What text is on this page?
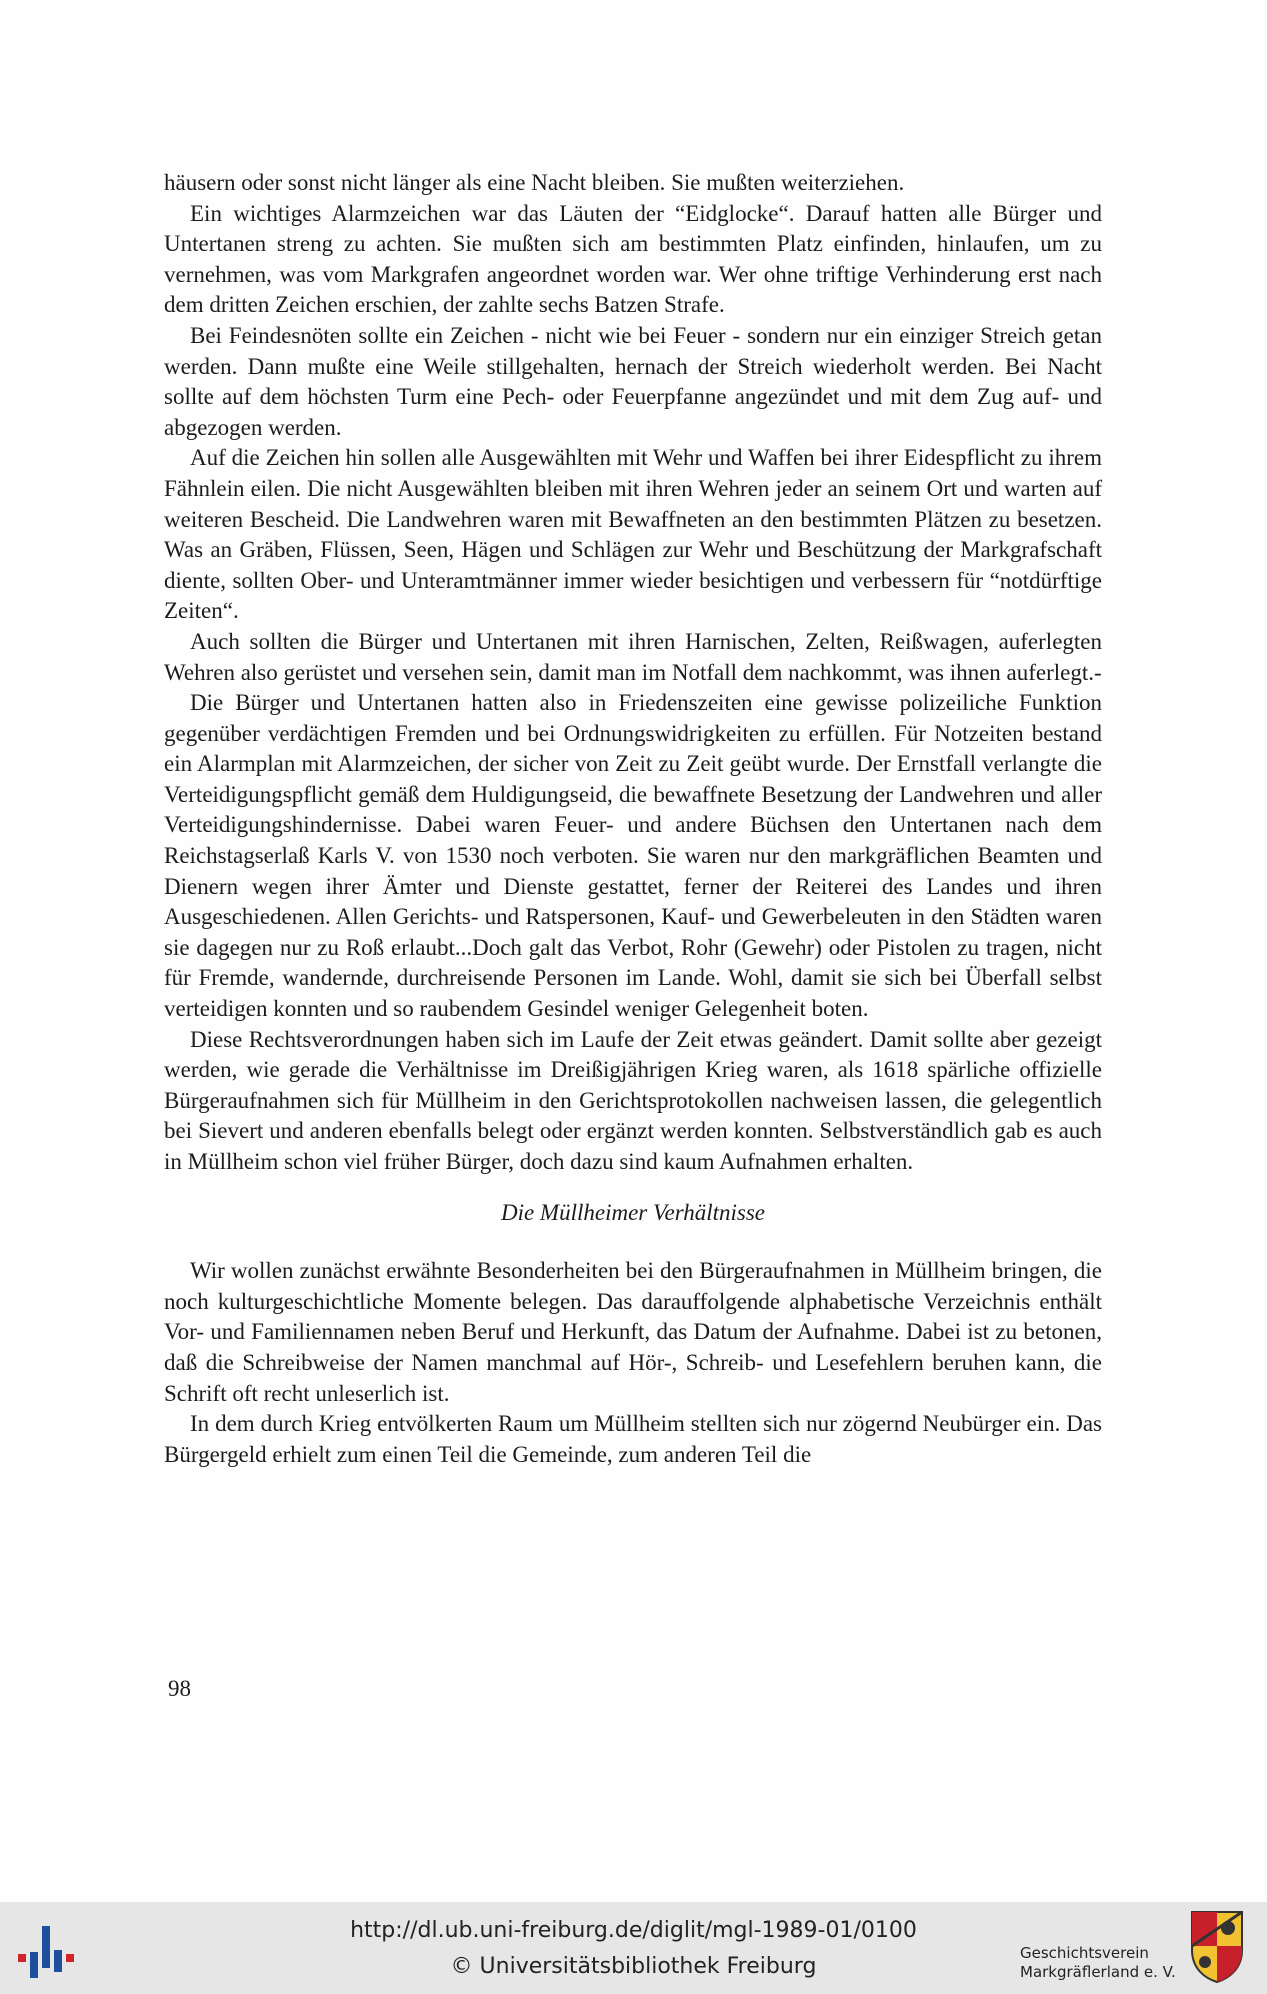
häusern oder sonst nicht länger als eine Nacht bleiben. Sie mußten weiterziehen.

Ein wichtiges Alarmzeichen war das Läuten der “Eidglocke“. Darauf hatten alle Bürger und Untertanen streng zu achten. Sie mußten sich am bestimmten Platz einfinden, hinlaufen, um zu vernehmen, was vom Markgrafen angeordnet worden war. Wer ohne triftige Verhinderung erst nach dem dritten Zeichen erschien, der zahlte sechs Batzen Strafe.

Bei Feindesnöten sollte ein Zeichen - nicht wie bei Feuer - sondern nur ein einziger Streich getan werden. Dann mußte eine Weile stillgehalten, hernach der Streich wiederholt werden. Bei Nacht sollte auf dem höchsten Turm eine Pech- oder Feuerpfanne angezündet und mit dem Zug auf- und abgezogen werden.

Auf die Zeichen hin sollen alle Ausgewählten mit Wehr und Waffen bei ihrer Eidespflicht zu ihrem Fähnlein eilen. Die nicht Ausgewählten bleiben mit ihren Wehren jeder an seinem Ort und warten auf weiteren Bescheid. Die Landwehren waren mit Bewaffneten an den bestimmten Plätzen zu besetzen. Was an Gräben, Flüssen, Seen, Hägen und Schlägen zur Wehr und Beschützung der Markgrafschaft diente, sollten Ober- und Unteramtmänner immer wieder besichtigen und verbessern für “notdürftige Zeiten“.

Auch sollten die Bürger und Untertanen mit ihren Harnischen, Zelten, Reißwagen, auferlegten Wehren also gerüstet und versehen sein, damit man im Notfall dem nachkommt, was ihnen auferlegt.-

Die Bürger und Untertanen hatten also in Friedenszeiten eine gewisse polizeiliche Funktion gegenüber verdächtigen Fremden und bei Ordnungswidrigkeiten zu erfüllen. Für Notzeiten bestand ein Alarmplan mit Alarmzeichen, der sicher von Zeit zu Zeit geübt wurde. Der Ernstfall verlangte die Verteidigungspflicht gemäß dem Huldigungseid, die bewaffnete Besetzung der Landwehren und aller Verteidigungshindernisse. Dabei waren Feuer- und andere Büchsen den Untertanen nach dem Reichstagserlaß Karls V. von 1530 noch verboten. Sie waren nur den markgräflichen Beamten und Dienern wegen ihrer Ämter und Dienste gestattet, ferner der Reiterei des Landes und ihren Ausgeschiedenen. Allen Gerichts- und Ratspersonen, Kauf- und Gewerbeleuten in den Städten waren sie dagegen nur zu Roß erlaubt...Doch galt das Verbot, Rohr (Gewehr) oder Pistolen zu tragen, nicht für Fremde, wandernde, durchreisende Personen im Lande. Wohl, damit sie sich bei Überfall selbst verteidigen konnten und so raubendem Gesindel weniger Gelegenheit boten.

Diese Rechtsverordnungen haben sich im Laufe der Zeit etwas geändert. Damit sollte aber gezeigt werden, wie gerade die Verhältnisse im Dreißigjährigen Krieg waren, als 1618 spärliche offizielle Bürgeraufnahmen sich für Müllheim in den Gerichtsprotokollen nachweisen lassen, die gelegentlich bei Sievert und anderen ebenfalls belegt oder ergänzt werden konnten. Selbstverständlich gab es auch in Müllheim schon viel früher Bürger, doch dazu sind kaum Aufnahmen erhalten.

Die Müllheimer Verhältnisse

Wir wollen zunächst erwähnte Besonderheiten bei den Bürgeraufnahmen in Müllheim bringen, die noch kulturgeschichtliche Momente belegen. Das darauffolgende alphabetische Verzeichnis enthält Vor- und Familiennamen neben Beruf und Herkunft, das Datum der Aufnahme. Dabei ist zu betonen, daß die Schreibweise der Namen manchmal auf Hör-, Schreib- und Lesefehlern beruhen kann, die Schrift oft recht unleserlich ist.

In dem durch Krieg entvölkerten Raum um Müllheim stellten sich nur zögernd Neubürger ein. Das Bürgergeld erhielt zum einen Teil die Gemeinde, zum anderen Teil die

98
http://dl.ub.uni-freiburg.de/diglit/mgl-1989-01/0100
© Universitätsbibliothek Freiburg
Geschichtsverein
Markgräflerland e. V.
